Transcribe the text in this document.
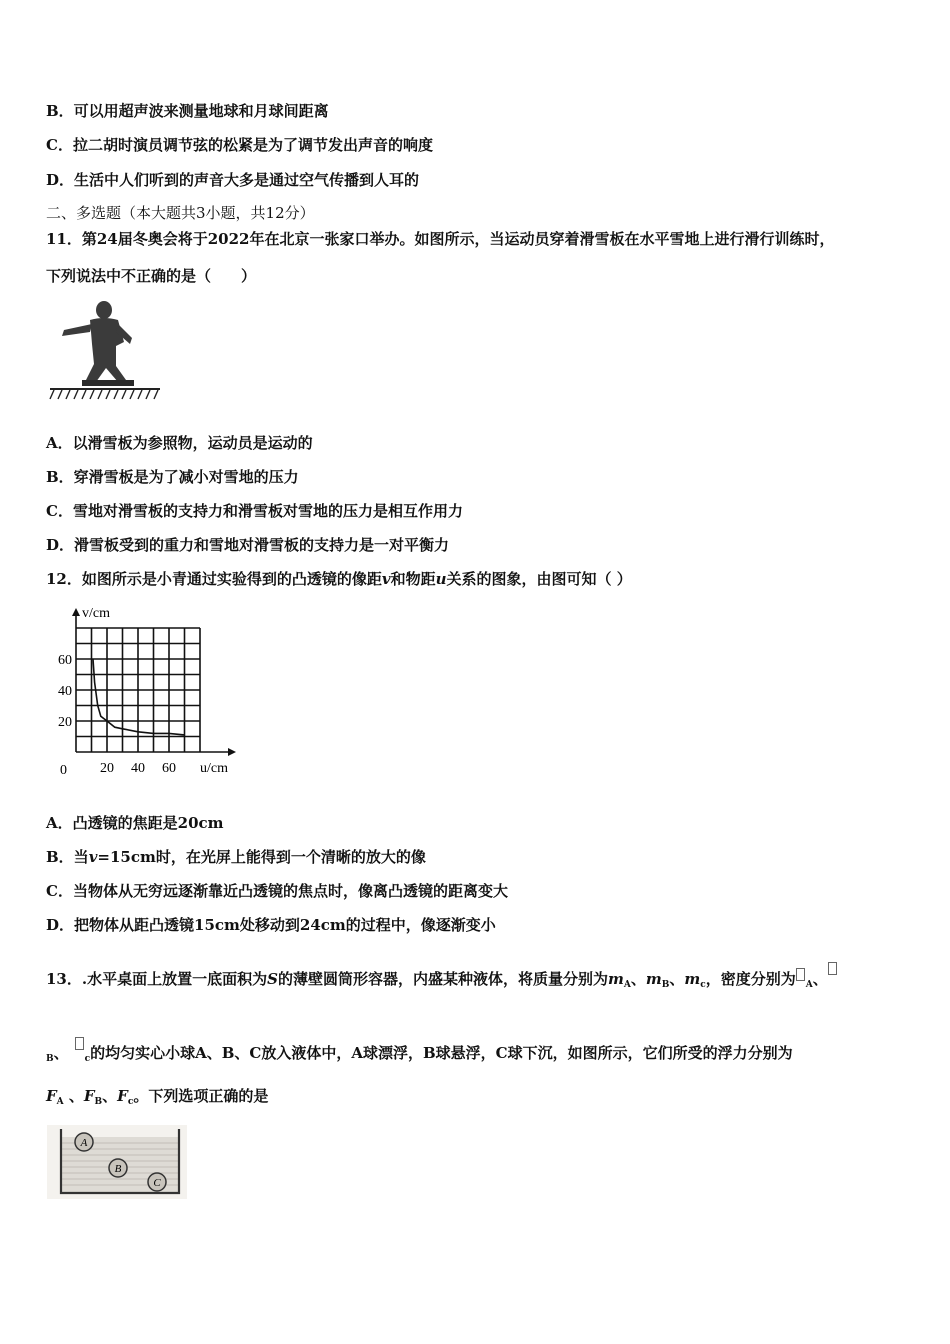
B．可以用超声波来测量地球和月球间距离
C．拉二胡时演员调节弦的松紧是为了调节发出声音的响度
D．生活中人们听到的声音大多是通过空气传播到人耳的
二、多选题（本大题共3小题，共12分）
11．第24届冬奥会将于2022年在北京一张家口举办。如图所示，当运动员穿着滑雪板在水平雪地上进行滑行训练时，
下列说法中不正确的是（　　）
A．以滑雪板为参照物，运动员是运动的
B．穿滑雪板是为了减小对雪地的压力
C．雪地对滑雪板的支持力和滑雪板对雪地的压力是相互作用力
D．滑雪板受到的重力和雪地对滑雪板的支持力是一对平衡力
12．如图所示是小青通过实验得到的凸透镜的像距v和物距u关系的图象，由图可知（ ）
v/cm
u/cm
0 20 40 60
20
40
60
A．凸透镜的焦距是20cm
B．当v=15cm时，在光屏上能得到一个清晰的放大的像
C．当物体从无穷远逐渐靠近凸透镜的焦点时，像离凸透镜的距离变大
D．把物体从距凸透镜15cm处移动到24cm的过程中，像逐渐变小
13．.水平桌面上放置一底面积为S的薄壁圆筒形容器，内盛某种液体，将质量分别为$m_A$、$m_B$、$m_c$，密度分别为 $_A$、
$_B$、 $_c$的均匀实心小球A、B、C放入液体中，A球漂浮，B球悬浮，C球下沉，如图所示，它们所受的浮力分别为
$F_A$ 、$F_B$、$F_c$。下列选项正确的是
A
B
C
